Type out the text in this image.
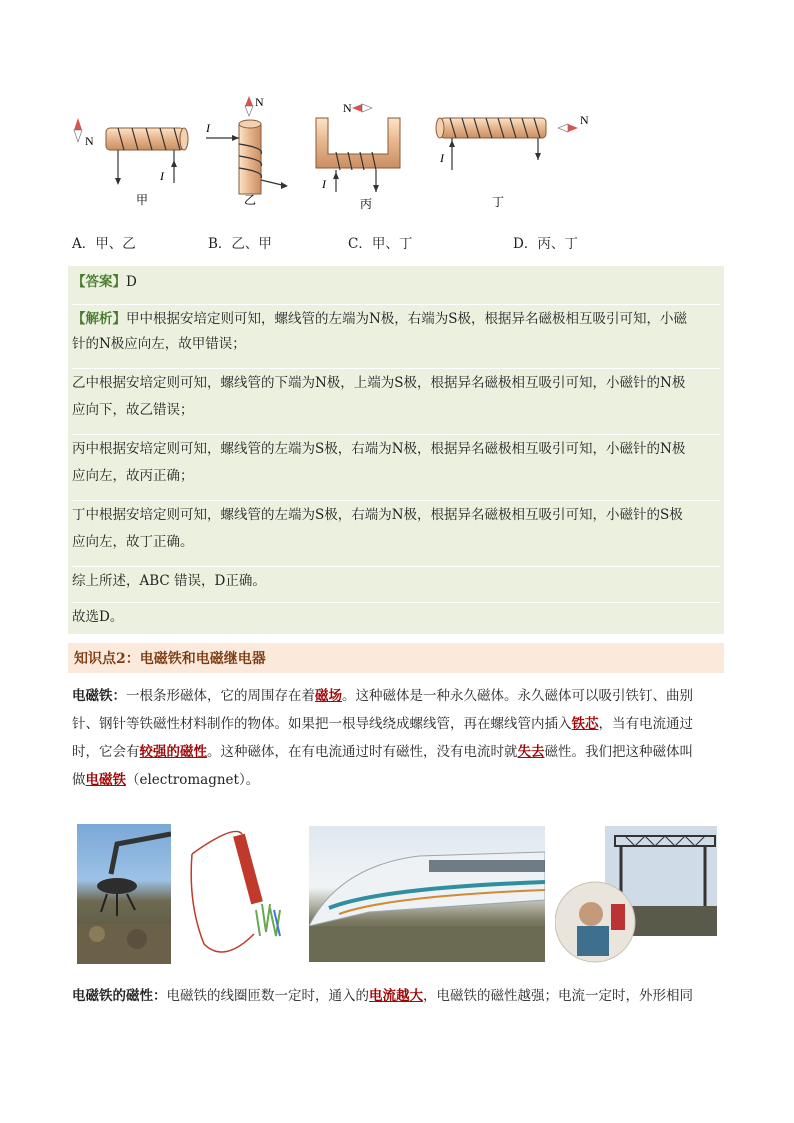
N
I
甲
N
I
乙
N
I
丙
I
N
丁
A．甲、乙	B．乙、甲	C．甲、丁	D．丙、丁
【答案】D
【解析】甲中根据安培定则可知，螺线管的左端为N极，右端为S极，根据异名磁极相互吸引可知，小磁
针的N极应向左，故甲错误；
乙中根据安培定则可知，螺线管的下端为N极，上端为S极，根据异名磁极相互吸引可知，小磁针的N极
应向下，故乙错误；
丙中根据安培定则可知，螺线管的左端为S极，右端为N极，根据异名磁极相互吸引可知，小磁针的N极
应向左，故丙正确；
丁中根据安培定则可知，螺线管的左端为S极，右端为N极，根据异名磁极相互吸引可知，小磁针的S极
应向左，故丁正确。
综上所述，ABC 错误，D正确。
故选D。
知识点2：电磁铁和电磁继电器
电磁铁：一根条形磁体，它的周围存在着磁场。这种磁体是一种永久磁体。永久磁体可以吸引铁钉、曲别
针、钢针等铁磁性材料制作的物体。如果把一根导线绕成螺线管，再在螺线管内插入铁芯，当有电流通过
时，它会有较强的磁性。这种磁体，在有电流通过时有磁性，没有电流时就失去磁性。我们把这种磁体叫
做电磁铁（electromagnet）。
电磁铁的磁性：电磁铁的线圈匝数一定时，通入的电流越大，电磁铁的磁性越强；电流一定时，外形相同
